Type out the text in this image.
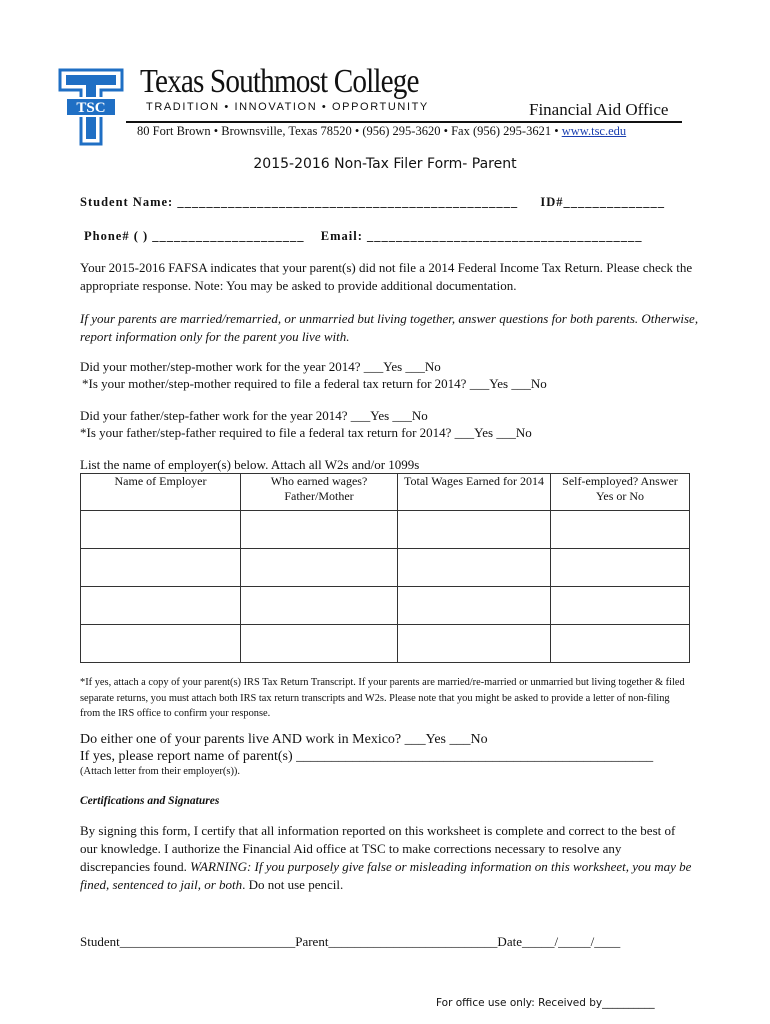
TSC
Texas Southmost College
TRADITION • INNOVATION • OPPORTUNITY	Financial Aid Office
80 Fort Brown • Brownsville, Texas 78520 • (956) 295-3620 • Fax (956) 295-3621 • www.tsc.edu
2015-2016 Non-Tax Filer Form- Parent
Student Name: _______________________________________________ ID#______________
Phone# ( ) _____________________ Email: ______________________________________
Your 2015-2016 FAFSA indicates that your parent(s) did not file a 2014 Federal Income Tax Return. Please check the appropriate response. Note: You may be asked to provide additional documentation.
If your parents are married/remarried, or unmarried but living together, answer questions for both parents. Otherwise, report information only for the parent you live with.
Did your mother/step-mother work for the year 2014? ___Yes ___No
*Is your mother/step-mother required to file a federal tax return for 2014? ___Yes ___No
Did your father/step-father work for the year 2014? ___Yes ___No
*Is your father/step-father required to file a federal tax return for 2014? ___Yes ___No
List the name of employer(s) below. Attach all W2s and/or 1099s
Name of Employer	Who earned wages? Father/Mother	Total Wages Earned for 2014	Self-employed? Answer Yes or No

*If yes, attach a copy of your parent(s) IRS Tax Return Transcript. If your parents are married/re-married or unmarried but living together & filed separate returns, you must attach both IRS tax return transcripts and W2s. Please note that you might be asked to provide a letter of non-filing from the IRS office to confirm your response.
Do either one of your parents live AND work in Mexico? ___Yes ___No
If yes, please report name of parent(s) ___________________________________________________
(Attach letter from their employer(s)).
Certifications and Signatures
By signing this form, I certify that all information reported on this worksheet is complete and correct to the best of our knowledge. I authorize the Financial Aid office at TSC to make corrections necessary to resolve any discrepancies found. WARNING: If you purposely give false or misleading information on this worksheet, you may be fined, sentenced to jail, or both. Do not use pencil.
Student___________________________Parent__________________________Date_____/_____/____
For office use only: Received by__________
